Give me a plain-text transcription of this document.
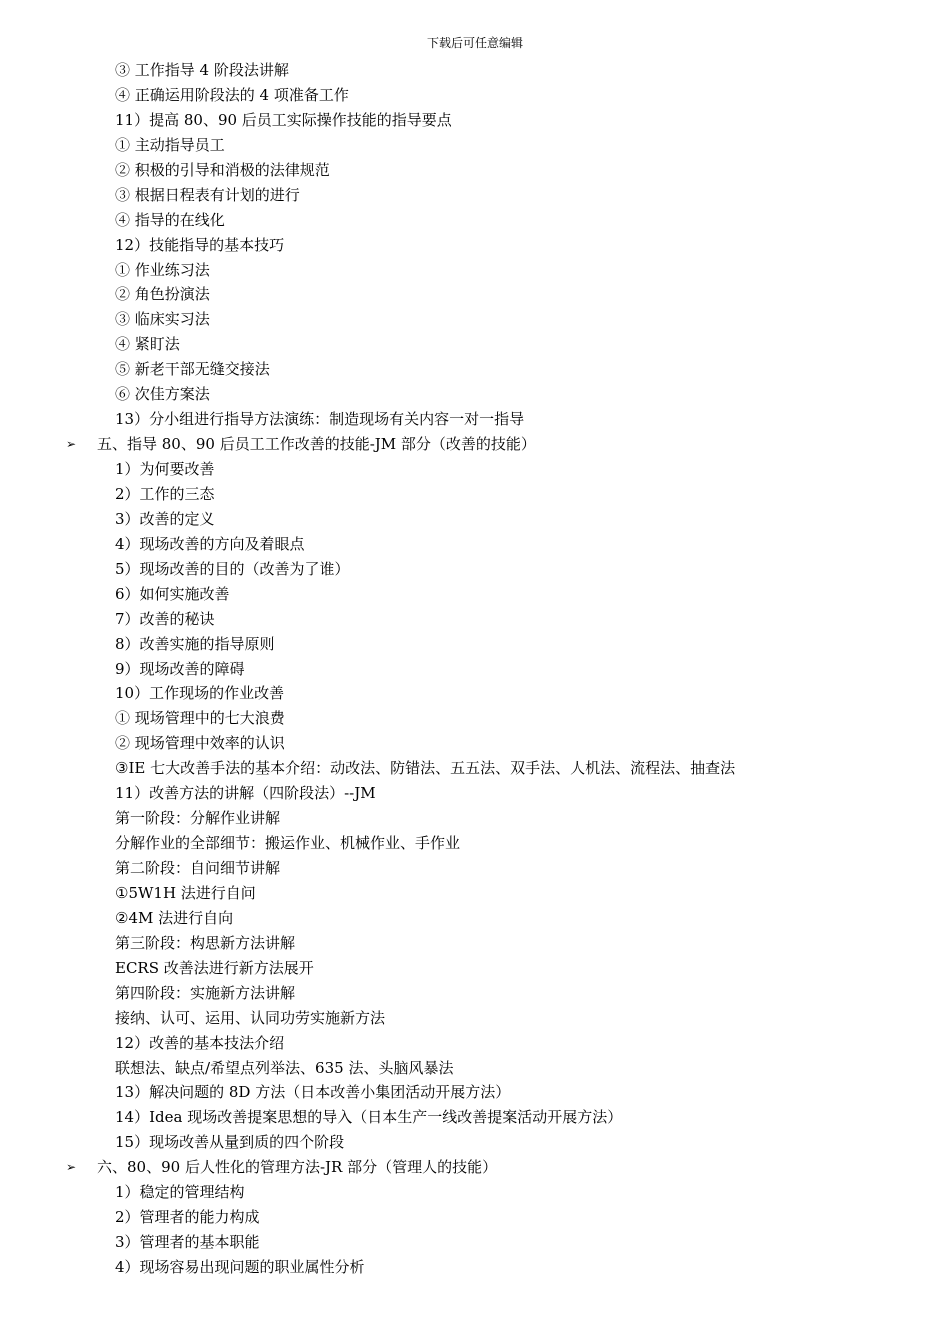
下载后可任意编辑
③ 工作指导 4 阶段法讲解
④ 正确运用阶段法的 4 项准备工作
11）提高 80、90 后员工实际操作技能的指导要点
① 主动指导员工
② 积极的引导和消极的法律规范
③ 根据日程表有计划的进行
④ 指导的在线化
12）技能指导的基本技巧
① 作业练习法
② 角色扮演法
③ 临床实习法
④ 紧盯法
⑤ 新老干部无缝交接法
⑥ 次佳方案法
13）分小组进行指导方法演练：制造现场有关内容一对一指导
➢ 五、指导 80、90 后员工工作改善的技能-JM 部分（改善的技能）
1）为何要改善
2）工作的三态
3）改善的定义
4）现场改善的方向及着眼点
5）现场改善的目的（改善为了谁）
6）如何实施改善
7）改善的秘诀
8）改善实施的指导原则
9）现场改善的障碍
10）工作现场的作业改善
① 现场管理中的七大浪费
② 现场管理中效率的认识
③IE 七大改善手法的基本介绍：动改法、防错法、五五法、双手法、人机法、流程法、抽查法
11）改善方法的讲解（四阶段法）--JM
第一阶段：分解作业讲解
分解作业的全部细节：搬运作业、机械作业、手作业
第二阶段：自问细节讲解
①5W1H 法进行自问
②4M 法进行自向
第三阶段：构思新方法讲解
ECRS 改善法进行新方法展开
第四阶段：实施新方法讲解
接纳、认可、运用、认同功劳实施新方法
12）改善的基本技法介绍
联想法、缺点/希望点列举法、635 法、头脑风暴法
13）解决问题的 8D 方法（日本改善小集团活动开展方法）
14）Idea 现场改善提案思想的导入（日本生产一线改善提案活动开展方法）
15）现场改善从量到质的四个阶段
➢ 六、80、90 后人性化的管理方法-JR 部分（管理人的技能）
1）稳定的管理结构
2）管理者的能力构成
3）管理者的基本职能
4）现场容易出现问题的职业属性分析
